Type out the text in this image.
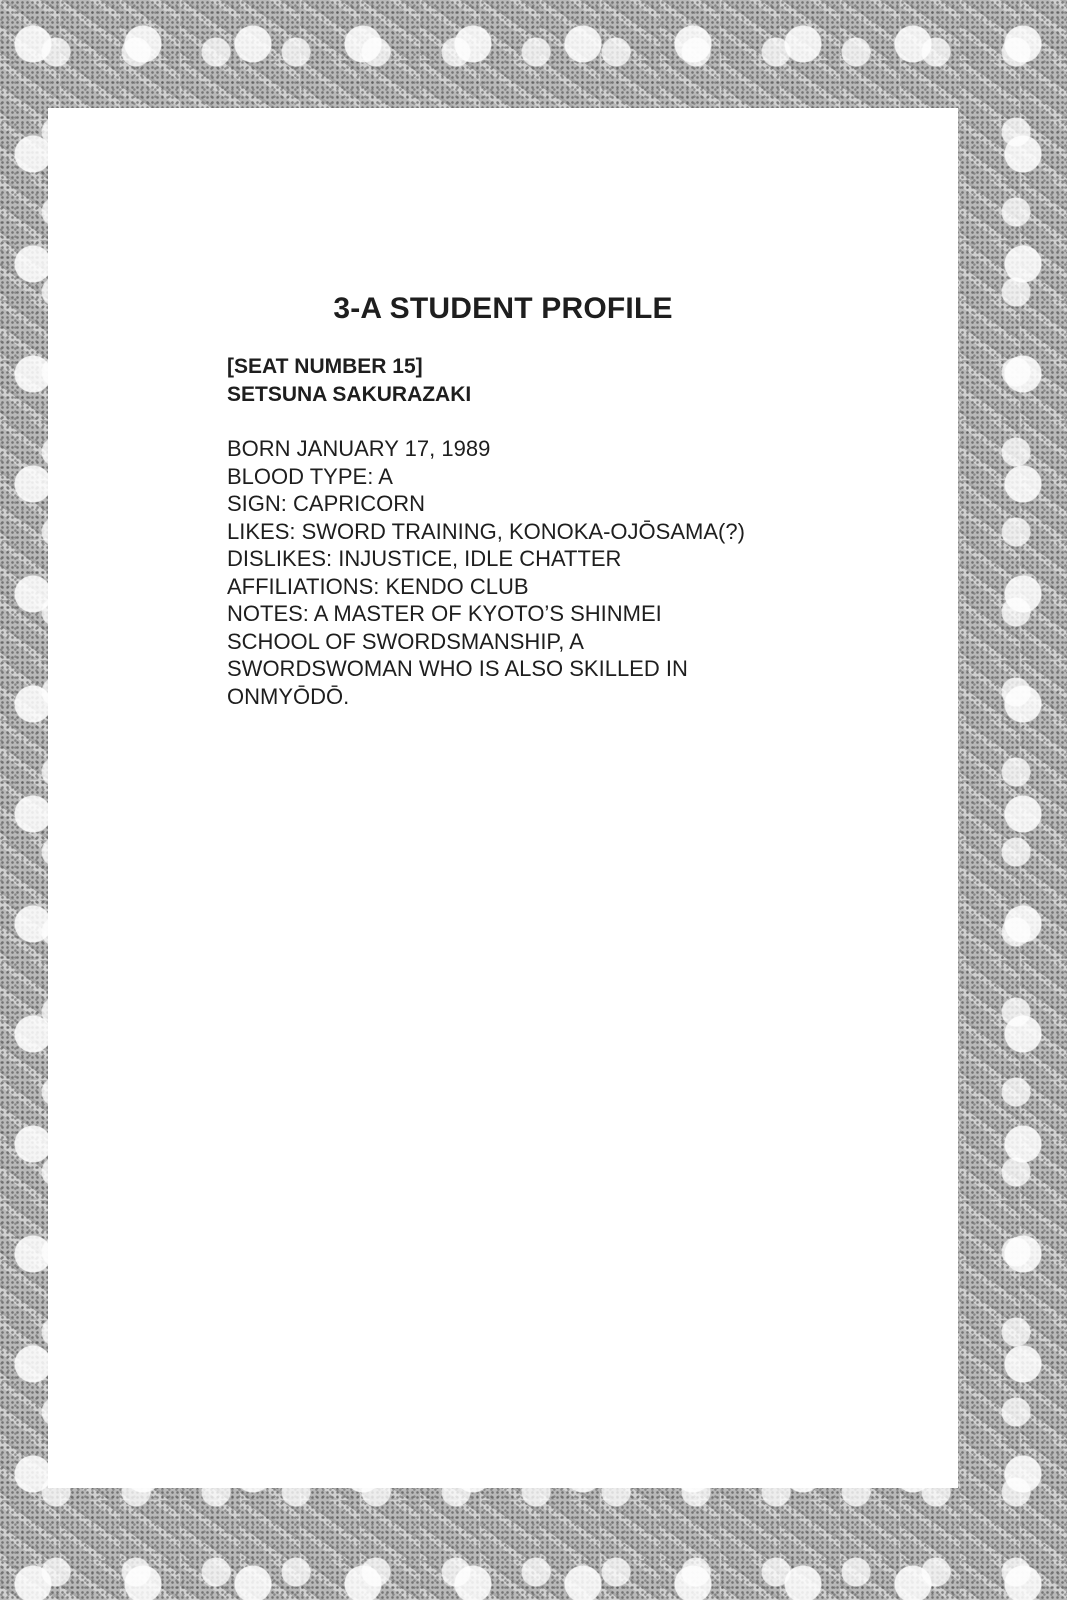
3-A STUDENT PROFILE
[SEAT NUMBER 15]
SETSUNA SAKURAZAKI
BORN JANUARY 17, 1989
BLOOD TYPE: A
SIGN: CAPRICORN
LIKES: SWORD TRAINING, KONOKA-OJŌSAMA(?)
DISLIKES: INJUSTICE, IDLE CHATTER
AFFILIATIONS: KENDO CLUB
NOTES: A MASTER OF KYOTO’S SHINMEI
SCHOOL OF SWORDSMANSHIP, A
SWORDSWOMAN WHO IS ALSO SKILLED IN
ONMYŌDŌ.
